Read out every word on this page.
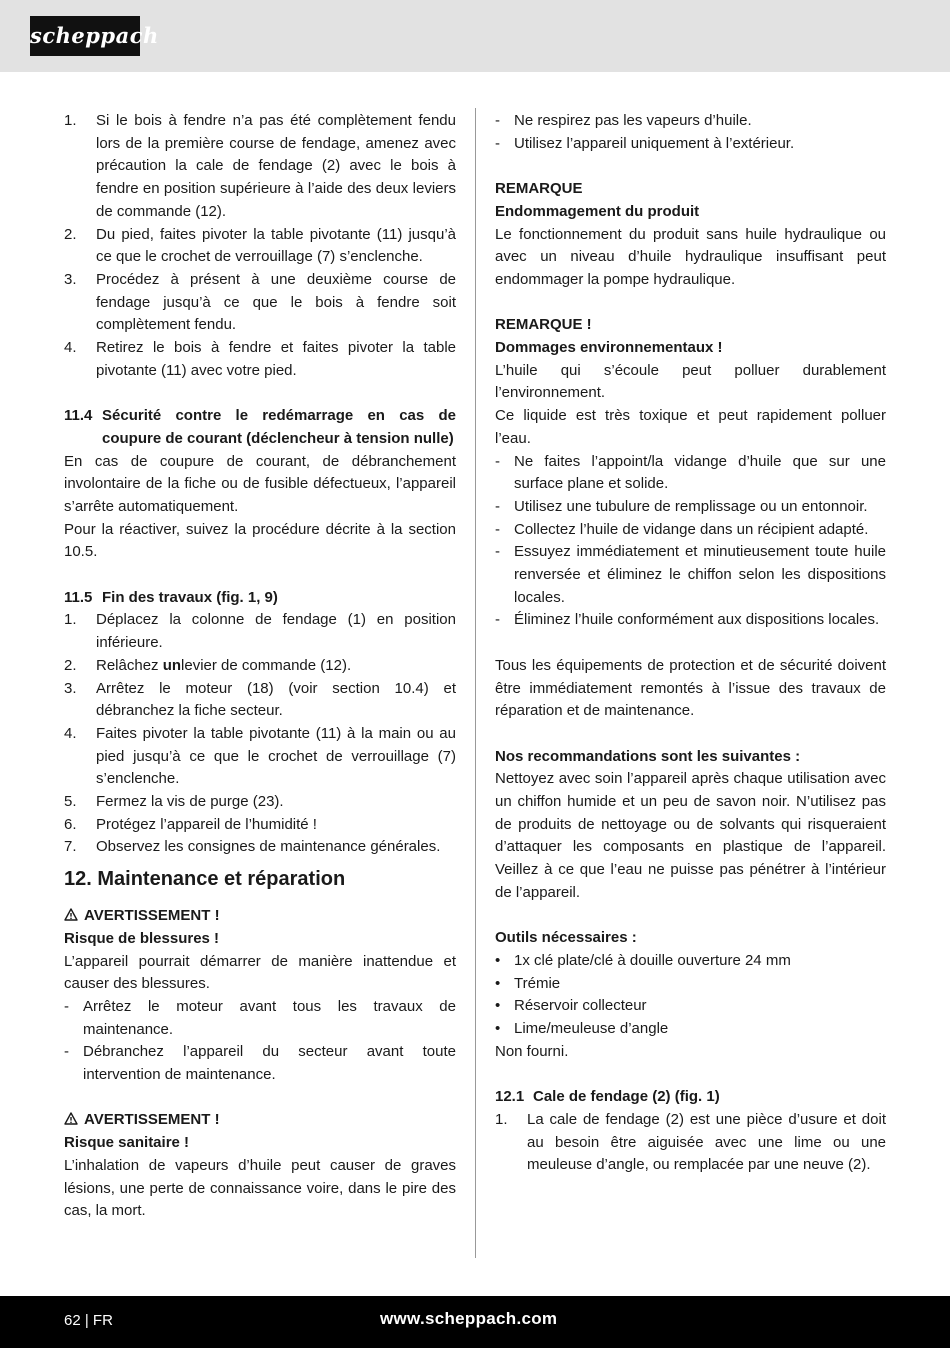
scheppach
1. Si le bois à fendre n’a pas été complètement fendu lors de la première course de fendage, amenez avec précaution la cale de fendage (2) avec le bois à fendre en position supérieure à l’aide des deux leviers de commande (12).
2. Du pied, faites pivoter la table pivotante (11) jusqu’à ce que le crochet de verrouillage (7) s’enclenche.
3. Procédez à présent à une deuxième course de fendage jusqu’à ce que le bois à fendre soit complètement fendu.
4. Retirez le bois à fendre et faites pivoter la table pivotante (11) avec votre pied.
11.4 Sécurité contre le redémarrage en cas de coupure de courant (déclencheur à tension nulle)
En cas de coupure de courant, de débranchement involontaire de la fiche ou de fusible défectueux, l’appareil s’arrête automatiquement.
Pour la réactiver, suivez la procédure décrite à la section 10.5.
11.5 Fin des travaux (fig. 1, 9)
1. Déplacez la colonne de fendage (1) en position inférieure.
2. Relâchez unlevier de commande (12).
3. Arrêtez le moteur (18) (voir section 10.4) et débranchez la fiche secteur.
4. Faites pivoter la table pivotante (11) à la main ou au pied jusqu’à ce que le crochet de verrouillage (7) s’enclenche.
5. Fermez la vis de purge (23).
6. Protégez l’appareil de l’humidité !
7. Observez les consignes de maintenance générales.
12. Maintenance et réparation
AVERTISSEMENT !
Risque de blessures !
L’appareil pourrait démarrer de manière inattendue et causer des blessures.
- Arrêtez le moteur avant tous les travaux de maintenance.
- Débranchez l’appareil du secteur avant toute intervention de maintenance.
AVERTISSEMENT !
Risque sanitaire !
L’inhalation de vapeurs d’huile peut causer de graves lésions, une perte de connaissance voire, dans le pire des cas, la mort.
- Ne respirez pas les vapeurs d’huile.
- Utilisez l’appareil uniquement à l’extérieur.
REMARQUE
Endommagement du produit
Le fonctionnement du produit sans huile hydraulique ou avec un niveau d’huile hydraulique insuffisant peut endommager la pompe hydraulique.
REMARQUE !
Dommages environnementaux !
L’huile qui s’écoule peut polluer durablement l’environnement.
Ce liquide est très toxique et peut rapidement polluer l’eau.
- Ne faites l’appoint/la vidange d’huile que sur une surface plane et solide.
- Utilisez une tubulure de remplissage ou un entonnoir.
- Collectez l’huile de vidange dans un récipient adapté.
- Essuyez immédiatement et minutieusement toute huile renversée et éliminez le chiffon selon les dispositions locales.
- Éliminez l’huile conformément aux dispositions locales.
Tous les équipements de protection et de sécurité doivent être immédiatement remontés à l’issue des travaux de réparation et de maintenance.
Nos recommandations sont les suivantes :
Nettoyez avec soin l’appareil après chaque utilisation avec un chiffon humide et un peu de savon noir. N’utilisez pas de produits de nettoyage ou de solvants qui risqueraient d’attaquer les composants en plastique de l’appareil. Veillez à ce que l’eau ne puisse pas pénétrer à l’intérieur de l’appareil.
Outils nécessaires :
• 1x clé plate/clé à douille ouverture 24 mm
• Trémie
• Réservoir collecteur
• Lime/meuleuse d’angle
Non fourni.
12.1 Cale de fendage (2) (fig. 1)
1. La cale de fendage (2) est une pièce d’usure et doit au besoin être aiguisée avec une lime ou une meuleuse d’angle, ou remplacée par une neuve (2).
62 | FR	www.scheppach.com
